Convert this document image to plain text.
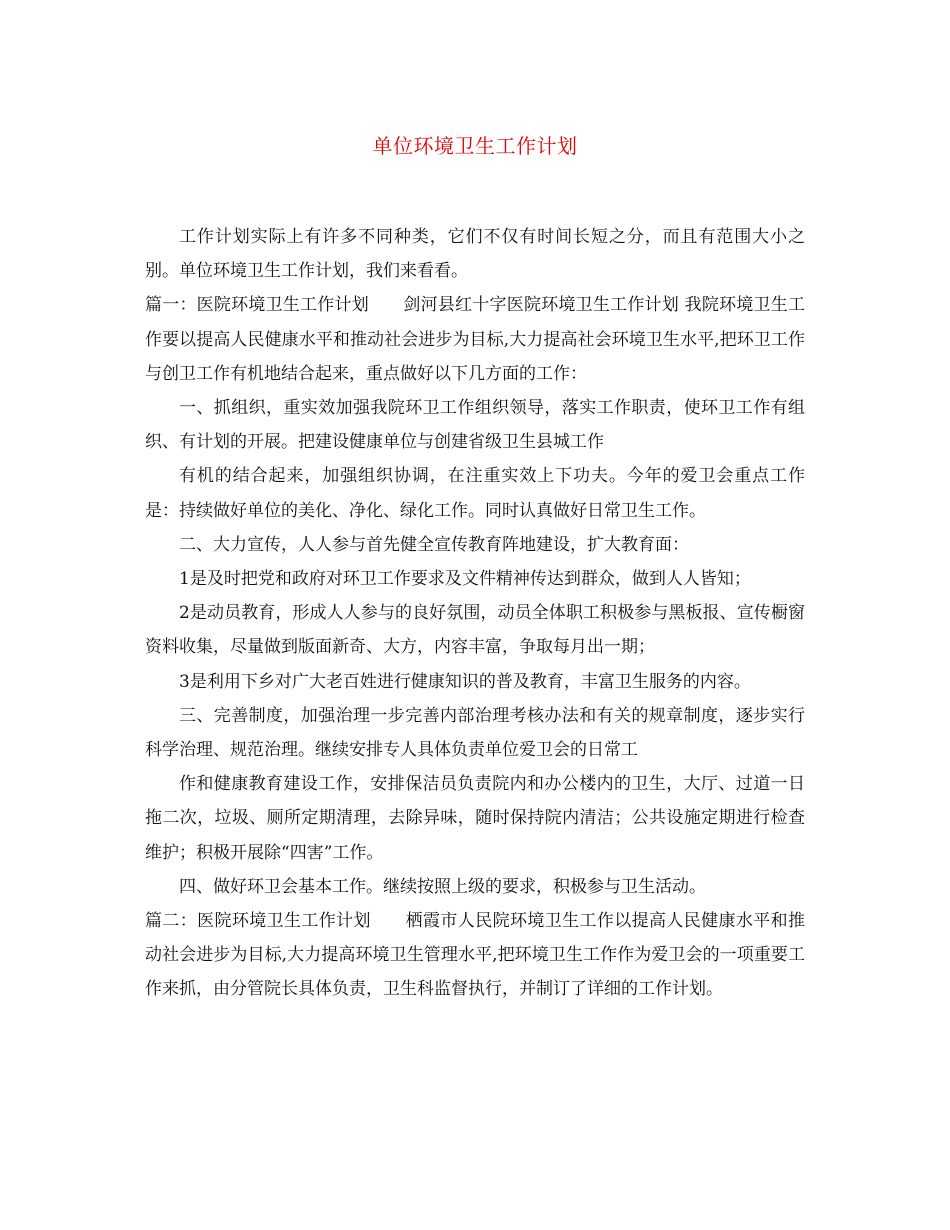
单位环境卫生工作计划

工作计划实际上有许多不同种类，它们不仅有时间长短之分，而且有范围大小之别。单位环境卫生工作计划，我们来看看。

篇一：医院环境卫生工作计划　　剑河县红十字医院环境卫生工作计划 我院环境卫生工作要以提高人民健康水平和推动社会进步为目标,大力提高社会环境卫生水平,把环卫工作与创卫工作有机地结合起来，重点做好以下几方面的工作：

一、抓组织，重实效加强我院环卫工作组织领导，落实工作职责，使环卫工作有组织、有计划的开展。把建设健康单位与创建省级卫生县城工作

有机的结合起来，加强组织协调，在注重实效上下功夫。今年的爱卫会重点工作是：持续做好单位的美化、净化、绿化工作。同时认真做好日常卫生工作。

二、大力宣传，人人参与首先健全宣传教育阵地建设，扩大教育面：

1是及时把党和政府对环卫工作要求及文件精神传达到群众，做到人人皆知；

2是动员教育，形成人人参与的良好氛围，动员全体职工积极参与黑板报、宣传橱窗资料收集，尽量做到版面新奇、大方，内容丰富，争取每月出一期；

3是利用下乡对广大老百姓进行健康知识的普及教育，丰富卫生服务的内容。

三、完善制度，加强治理一步完善内部治理考核办法和有关的规章制度，逐步实行科学治理、规范治理。继续安排专人具体负责单位爱卫会的日常工

作和健康教育建设工作，安排保洁员负责院内和办公楼内的卫生，大厅、过道一日拖二次，垃圾、厕所定期清理，去除异味，随时保持院内清洁；公共设施定期进行检查维护；积极开展除“四害”工作。

四、做好环卫会基本工作。继续按照上级的要求，积极参与卫生活动。

篇二：医院环境卫生工作计划　　栖霞市人民院环境卫生工作以提高人民健康水平和推动社会进步为目标,大力提高环境卫生管理水平,把环境卫生工作作为爱卫会的一项重要工作来抓，由分管院长具体负责，卫生科监督执行，并制订了详细的工作计划。
